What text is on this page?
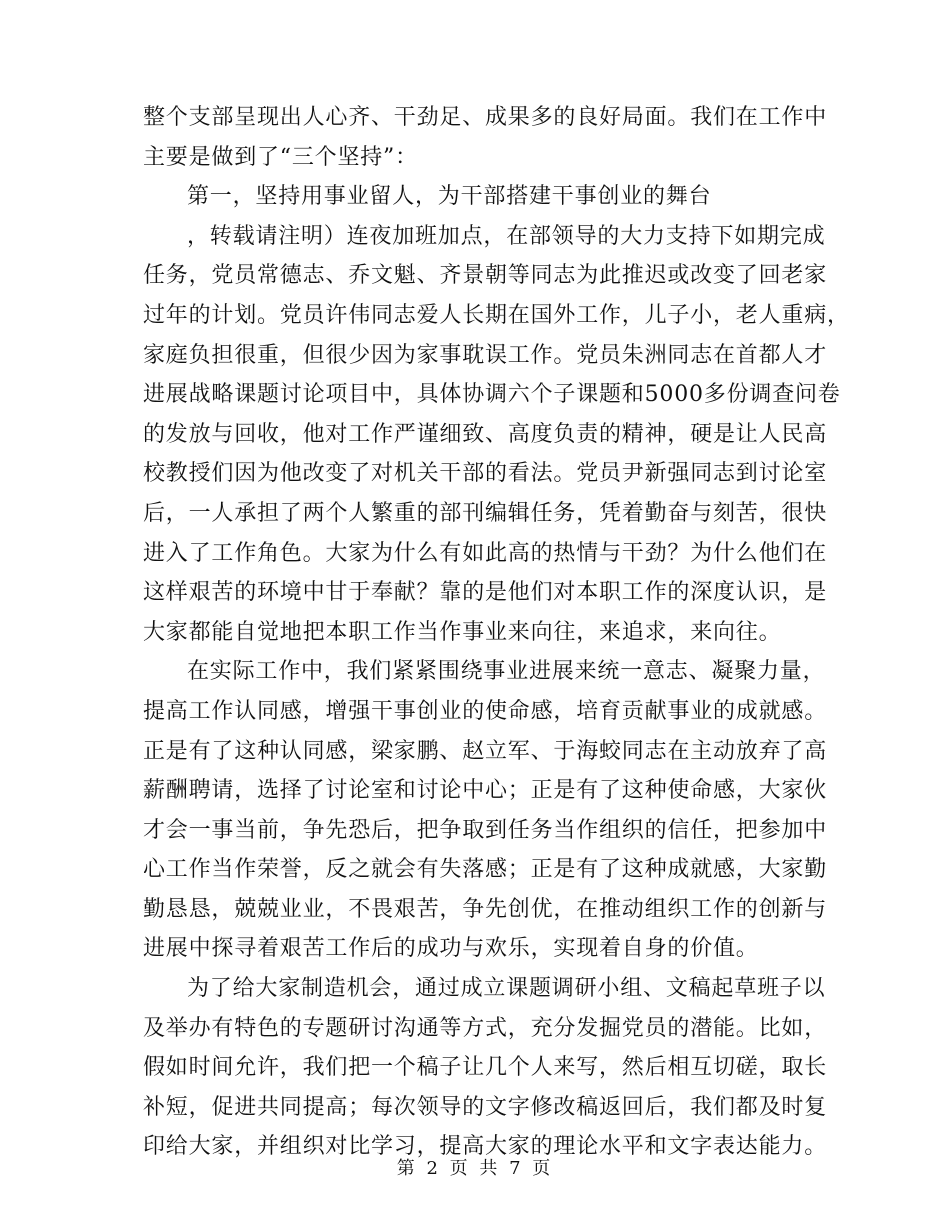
整个支部呈现出人心齐、干劲足、成果多的良好局面。我们在工作中
主要是做到了“三个坚持”：
第一，坚持用事业留人，为干部搭建干事创业的舞台
，转载请注明）连夜加班加点，在部领导的大力支持下如期完成
任务，党员常德志、乔文魁、齐景朝等同志为此推迟或改变了回老家
过年的计划。党员许伟同志爱人长期在国外工作，儿子小，老人重病，
家庭负担很重，但很少因为家事耽误工作。党员朱洲同志在首都人才
进展战略课题讨论项目中，具体协调六个子课题和5000多份调查问卷
的发放与回收，他对工作严谨细致、高度负责的精神，硬是让人民高
校教授们因为他改变了对机关干部的看法。党员尹新强同志到讨论室
后，一人承担了两个人繁重的部刊编辑任务，凭着勤奋与刻苦，很快
进入了工作角色。大家为什么有如此高的热情与干劲？为什么他们在
这样艰苦的环境中甘于奉献？靠的是他们对本职工作的深度认识，是
大家都能自觉地把本职工作当作事业来向往，来追求，来向往。
在实际工作中，我们紧紧围绕事业进展来统一意志、凝聚力量，
提高工作认同感，增强干事创业的使命感，培育贡献事业的成就感。
正是有了这种认同感，梁家鹏、赵立军、于海蛟同志在主动放弃了高
薪酬聘请，选择了讨论室和讨论中心；正是有了这种使命感，大家伙
才会一事当前，争先恐后，把争取到任务当作组织的信任，把参加中
心工作当作荣誉，反之就会有失落感；正是有了这种成就感，大家勤
勤恳恳，兢兢业业，不畏艰苦，争先创优，在推动组织工作的创新与
进展中探寻着艰苦工作后的成功与欢乐，实现着自身的价值。
为了给大家制造机会，通过成立课题调研小组、文稿起草班子以
及举办有特色的专题研讨沟通等方式，充分发掘党员的潜能。比如，
假如时间允许，我们把一个稿子让几个人来写，然后相互切磋，取长
补短，促进共同提高；每次领导的文字修改稿返回后，我们都及时复
印给大家，并组织对比学习，提高大家的理论水平和文字表达能力。
第 2 页 共 7 页
